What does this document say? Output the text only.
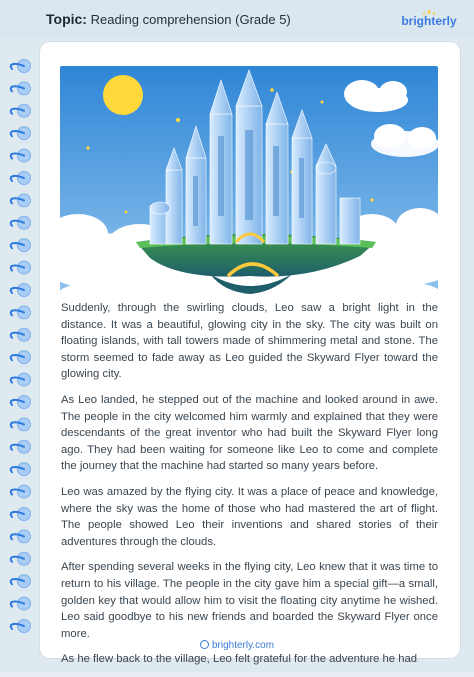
Topic: Reading comprehension (Grade 5)	brighterly

Suddenly, through the swirling clouds, Leo saw a bright light in the distance. It was a beautiful, glowing city in the sky. The city was built on floating islands, with tall towers made of shimmering metal and stone. The storm seemed to fade away as Leo guided the Skyward Flyer toward the glowing city.

As Leo landed, he stepped out of the machine and looked around in awe. The people in the city welcomed him warmly and explained that they were descendants of the great inventor who had built the Skyward Flyer long ago. They had been waiting for someone like Leo to come and complete the journey that the machine had started so many years before.

Leo was amazed by the flying city. It was a place of peace and knowledge, where the sky was the home of those who had mastered the art of flight. The people showed Leo their inventions and shared stories of their adventures through the clouds.

After spending several weeks in the flying city, Leo knew that it was time to return to his village. The people in the city gave him a special gift—a small, golden key that would allow him to visit the floating city anytime he wished. Leo said goodbye to his new friends and boarded the Skyward Flyer once more.

As he flew back to the village, Leo felt grateful for the adventure he had

brighterly.com
